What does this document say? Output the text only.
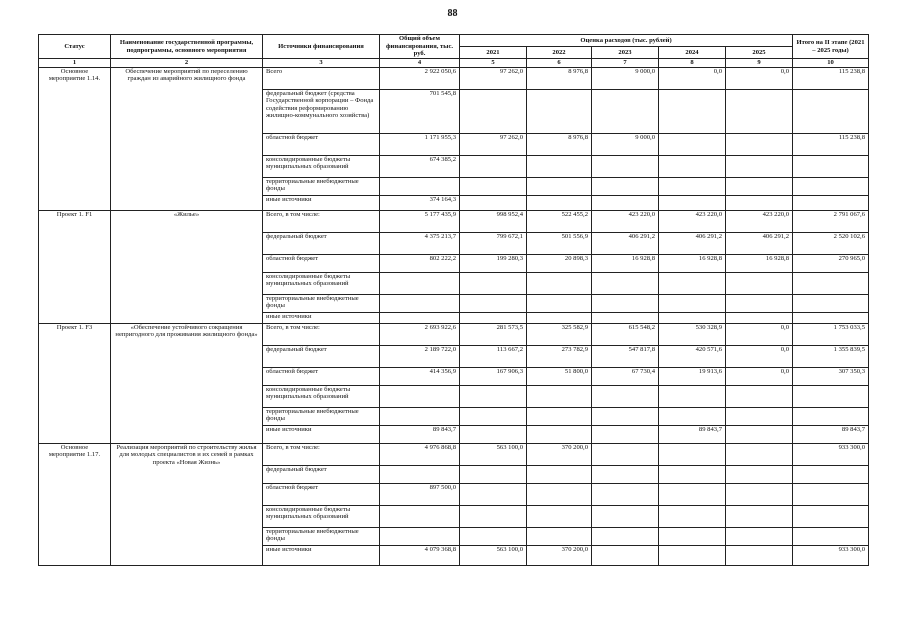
88
Статус	Наименование государственной программы, подпрограммы, основного мероприятия	Источники финансирования	Общий объем финансирования, тыс. руб.	Оценка расходов (тыс. рублей)					Итого на II этапе (2021 – 2025 годы)
				2021	2022	2023	2024	2025	
1	2	3	4	5	6	7	8	9	10
Основное мероприятие 1.14.	Обеспечение мероприятий по переселению граждан из аварийного жилищного фонда	Всего	2 922 050,6	97 262,0	8 976,8	9 000,0	0,0	0,0	115 238,8
		федеральный бюджет (средства Государственной корпорации – Фонда содействия реформированию жилищно-коммунального хозяйства)	701 545,8						
		областной бюджет	1 171 955,3	97 262,0	8 976,8	9 000,0			115 238,8
		консолидированные бюджеты муниципальных образований	674 385,2						
		территориальные внебюджетные фонды							
		иные источники	374 164,3						
Проект 1. F1	«Жилье»	Всего, в том числе:	5 177 435,9	998 952,4	522 455,2	423 220,0	423 220,0	423 220,0	2 791 067,6
		федеральный бюджет	4 375 213,7	799 672,1	501 556,9	406 291,2	406 291,2	406 291,2	2 520 102,6
		областной бюджет	802 222,2	199 280,3	20 898,3	16 928,8	16 928,8	16 928,8	270 965,0
		консолидированные бюджеты муниципальных образований							
		территориальные внебюджетные фонды							
		иные источники							
Проект 1. F3	«Обеспечение устойчивого сокращения непригодного для проживания жилищного фонда»	Всего, в том числе:	2 693 922,6	281 573,5	325 582,9	615 548,2	530 328,9	0,0	1 753 033,5
		федеральный бюджет	2 189 722,0	113 667,2	273 782,9	547 817,8	420 571,6	0,0	1 355 839,5
		областной бюджет	414 356,9	167 906,3	51 800,0	67 730,4	19 913,6	0,0	307 350,3
		консолидированные бюджеты муниципальных образований							
		территориальные внебюджетные фонды							
		иные источники	89 843,7				89 843,7		89 843,7
Основное мероприятие 1.17.	Реализация мероприятий по строительству жилья для молодых специалистов и их семей в рамках проекта «Новая Жизнь»	Всего, в том числе:	4 976 868,8	563 100,0	370 200,0				933 300,0
		федеральный бюджет							
		областной бюджет	897 500,0						
		консолидированные бюджеты муниципальных образований							
		территориальные внебюджетные фонды							
		иные источники	4 079 368,8	563 100,0	370 200,0				933 300,0
